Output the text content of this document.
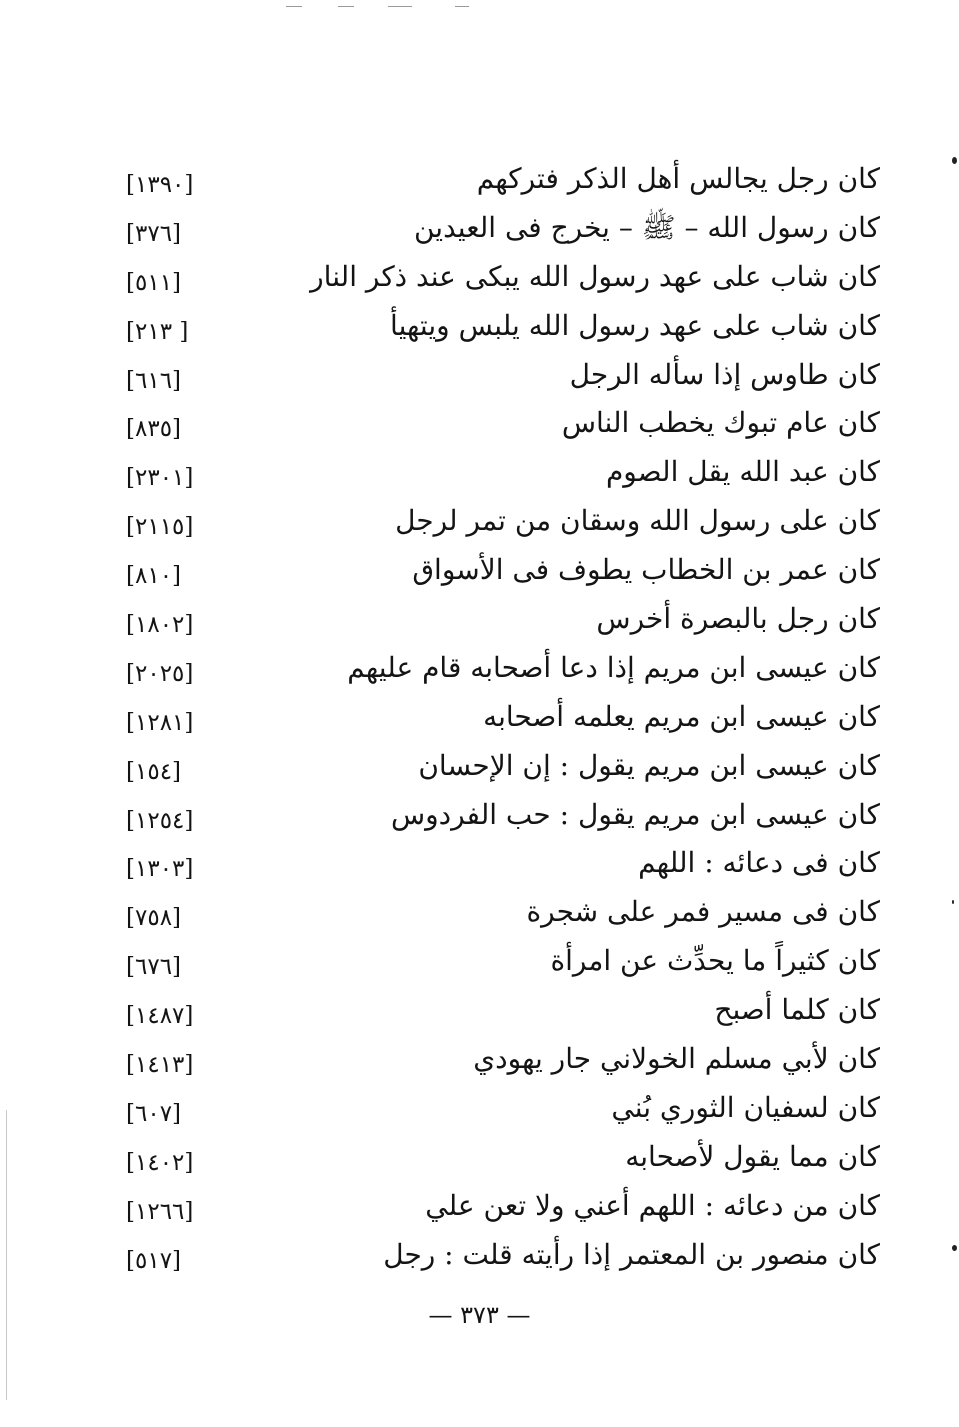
كان رجل يجالس أهل الذكر فتركهم
[١٣٩٠]
كان رسول الله – ﷺ – يخرج فى العيدين
[٣٧٦]
كان شاب على عهد رسول الله يبكى عند ذكر النار
[٥١١]
كان شاب على عهد رسول الله يلبس ويتهيأ
[ ٢١٣]
كان طاوس إذا سأله الرجل
[٦١٦]
كان عام تبوك يخطب الناس
[٨٣٥]
كان عبد الله يقل الصوم
[٢٣٠١]
كان على رسول الله وسقان من تمر لرجل
[٢١١٥]
كان عمر بن الخطاب يطوف فى الأسواق
[٨١٠]
كان رجل بالبصرة أخرس
[١٨٠٢]
كان عيسى ابن مريم إذا دعا أصحابه قام عليهم
[٢٠٢٥]
كان عيسى ابن مريم يعلمه أصحابه
[١٢٨١]
كان عيسى ابن مريم يقول : إن الإحسان
[١٥٤]
كان عيسى ابن مريم يقول : حب الفردوس
[١٢٥٤]
كان فى دعائه : اللهم
[١٣٠٣]
كان فى مسير فمر على شجرة
[٧٥٨]
كان كثيراً ما يحدِّث عن امرأة
[٦٧٦]
كان كلما أصبح
[١٤٨٧]
كان لأبي مسلم الخولاني جار يهودي
[١٤١٣]
كان لسفيان الثوري بُني
[٦٠٧]
كان مما يقول لأصحابه
[١٤٠٢]
كان من دعائه : اللهم أعني ولا تعن علي
[١٢٦٦]
كان منصور بن المعتمر إذا رأيته قلت : رجل
[٥١٧]
— ٣٧٣ —
